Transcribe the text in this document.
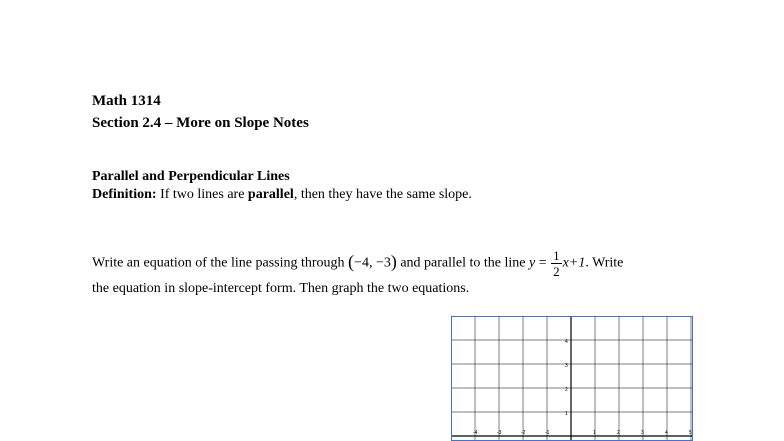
Math 1314
Section 2.4 – More on Slope Notes
Parallel and Perpendicular Lines
Definition: If two lines are parallel, then they have the same slope.
Write an equation of the line passing through (−4, −3) and parallel to the line $y = \frac{1}{2} x+1$. Write
the equation in slope-intercept form. Then graph the two equations.
4
3
2
1
-4	-3	-2	-1	1	2	3	4	5
